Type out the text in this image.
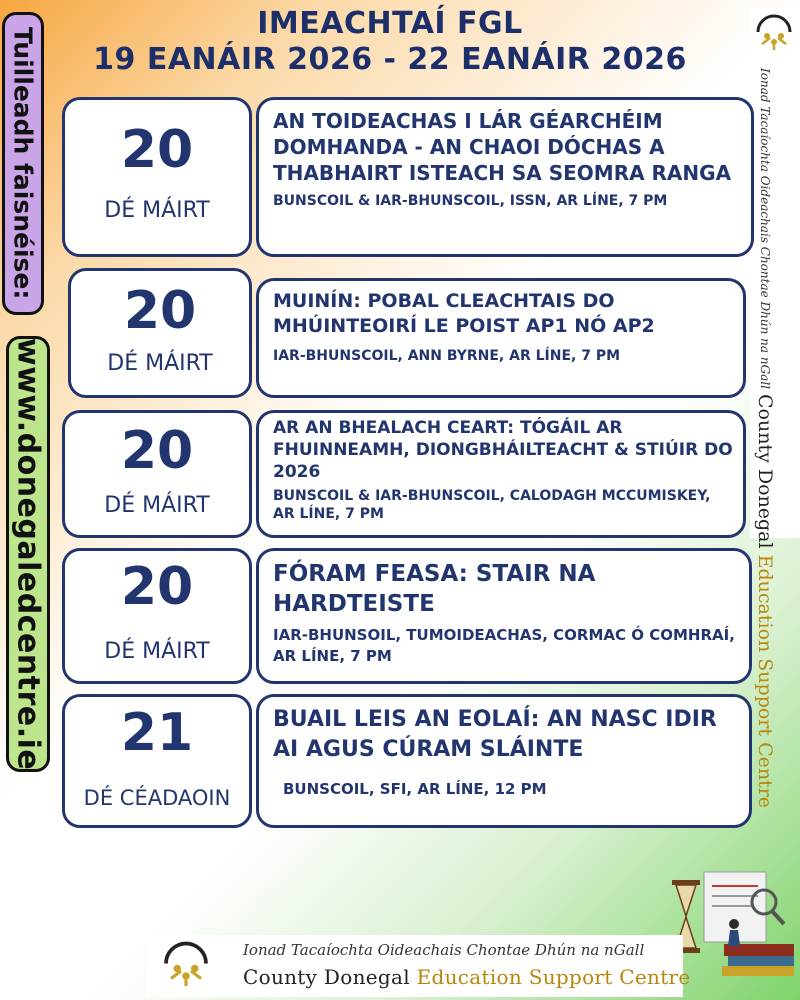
IMEACHTAÍ FGL
19 EANÁIR 2026 - 22 EANÁIR 2026
Tuilleadh faisnéise:
www.donegaledcentre.ie
Ionad Tacaíochta Oideachais Chontae Dhún na nGall County Donegal Education Support Centre
20
DÉ MÁIRT
AN TOIDEACHAS I LÁR GÉARCHÉIM DOMHANDA - AN CHAOI DÓCHAS A THABHAIRT ISTEACH SA SEOMRA RANGA
BUNSCOIL & IAR-BHUNSCOIL, ISSN, AR LÍNE, 7 PM
20
DÉ MÁIRT
MUINÍN: POBAL CLEACHTAIS DO MHÚINTEOIRÍ LE POIST AP1 NÓ AP2
IAR-BHUNSCOIL, ANN BYRNE, AR LÍNE, 7 PM
20
DÉ MÁIRT
AR AN BHEALACH CEART: TÓGÁIL AR FHUINNEAMH, DIONGBHÁILTEACHT & STIÚIR DO 2026
BUNSCOIL & IAR-BHUNSCOIL, CALODAGH MCCUMISKEY, AR LÍNE, 7 PM
20
DÉ MÁIRT
FÓRAM FEASA: STAIR NA HARDTEISTE
IAR-BHUNSOIL, TUMOIDEACHAS, CORMAC Ó COMHRAÍ, AR LÍNE, 7 PM
21
DÉ CÉADAOIN
BUAIL LEIS AN EOLAÍ: AN NASC IDIR AI AGUS CÚRAM SLÁINTE
BUNSCOIL, SFI, AR LÍNE, 12 PM
Ionad Tacaíochta Oideachais Chontae Dhún na nGall
County Donegal Education Support Centre
